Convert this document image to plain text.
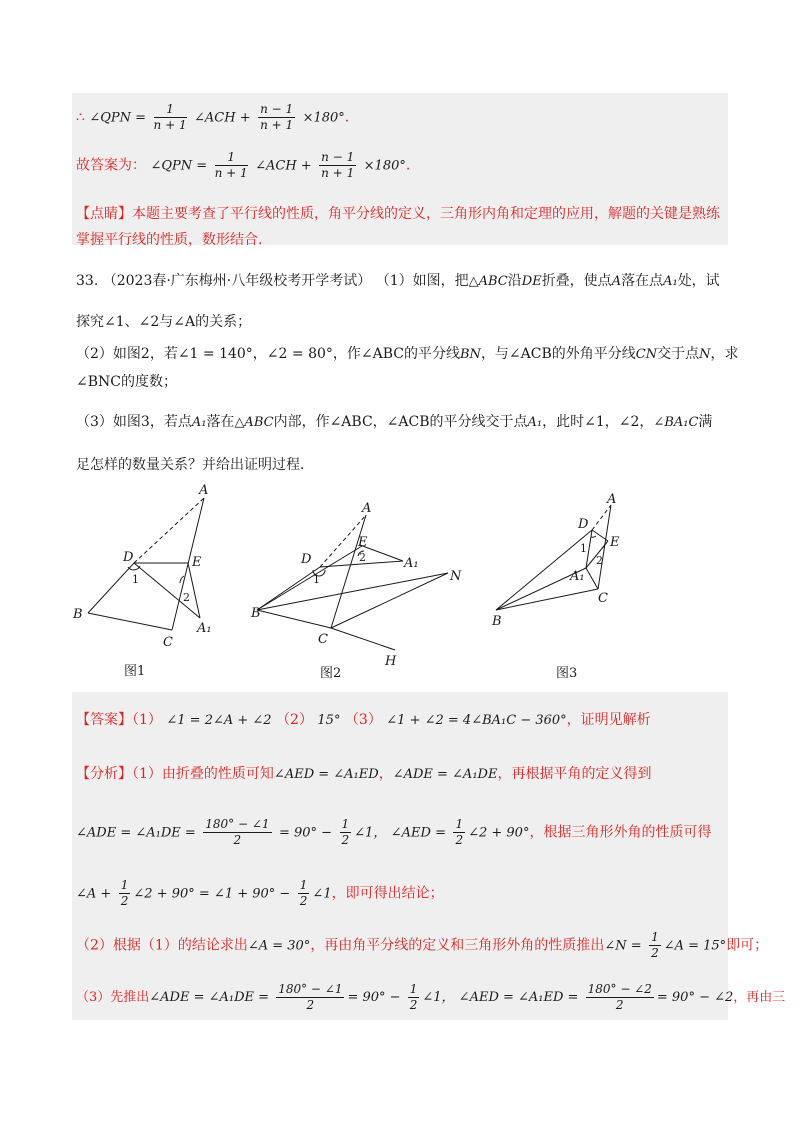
∴ ∠QPN = $\frac{1}{n + 1}$ ∠ACH + $\frac{n - 1}{n + 1} \times 180^\circ$.
故答案为： ∠QPN = $\frac{1}{n + 1}$ ∠ACH + $\frac{n - 1}{n + 1} \times 180^\circ$.
【点睛】本题主要考查了平行线的性质，角平分线的定义，三角形内角和定理的应用，解题的关键是熟练
掌握平行线的性质，数形结合.
33. （2023春·广东梅州·八年级校考开学考试） （1）如图，把△ABC沿DE折叠，使点A落在点A₁处，试
探究∠1、∠2与∠A的关系；
（2）如图2，若∠1 = 140°，∠2 = 80°，作∠ABC的平分线BN，与∠ACB的外角平分线CN交于点N，求
∠BNC的度数；
（3）如图3，若点A₁落在△ABC内部，作∠ABC，∠ACB的平分线交于点A₁，此时∠1，∠2，∠BA₁C满
足怎样的数量关系？并给出证明过程.
A
D	E
B
C
A₁
1
2
A
D
E
A₁
N
B
C
H
1
2
A
D
E
A₁
C
B
1
2
图1	图2	图3
【答案】（1） ∠1 = 2∠A + ∠2 （2） 15° （3） ∠1 + ∠2 = 4∠BA₁C − 360°，证明见解析
【分析】（1）由折叠的性质可知∠AED = ∠A₁ED，∠ADE = ∠A₁DE，再根据平角的定义得到
∠ADE = ∠A₁DE = $\frac{180^\circ - \angle 1}{2} = 90^\circ - \frac{1}{2}$ ∠1， ∠AED = $\frac{1}{2}$ ∠2 + 90°，根据三角形外角的性质可得
∠A + $\frac{1}{2}$ ∠2 + 90° = ∠1 + $90^\circ - \frac{1}{2}$ ∠1，即可得出结论；
（2）根据（1）的结论求出∠A = 30°，再由角平分线的定义和三角形外角的性质推出∠N = $\frac{1}{2}$ ∠A = 15°即可；
（3）先推出∠ADE = ∠A₁DE = $\frac{180^\circ - \angle 1}{2} = 90^\circ - \frac{1}{2}$ ∠1， ∠AED = ∠A₁ED = $\frac{180^\circ - \angle 2}{2} = 90^\circ$ − ∠2，再由三
